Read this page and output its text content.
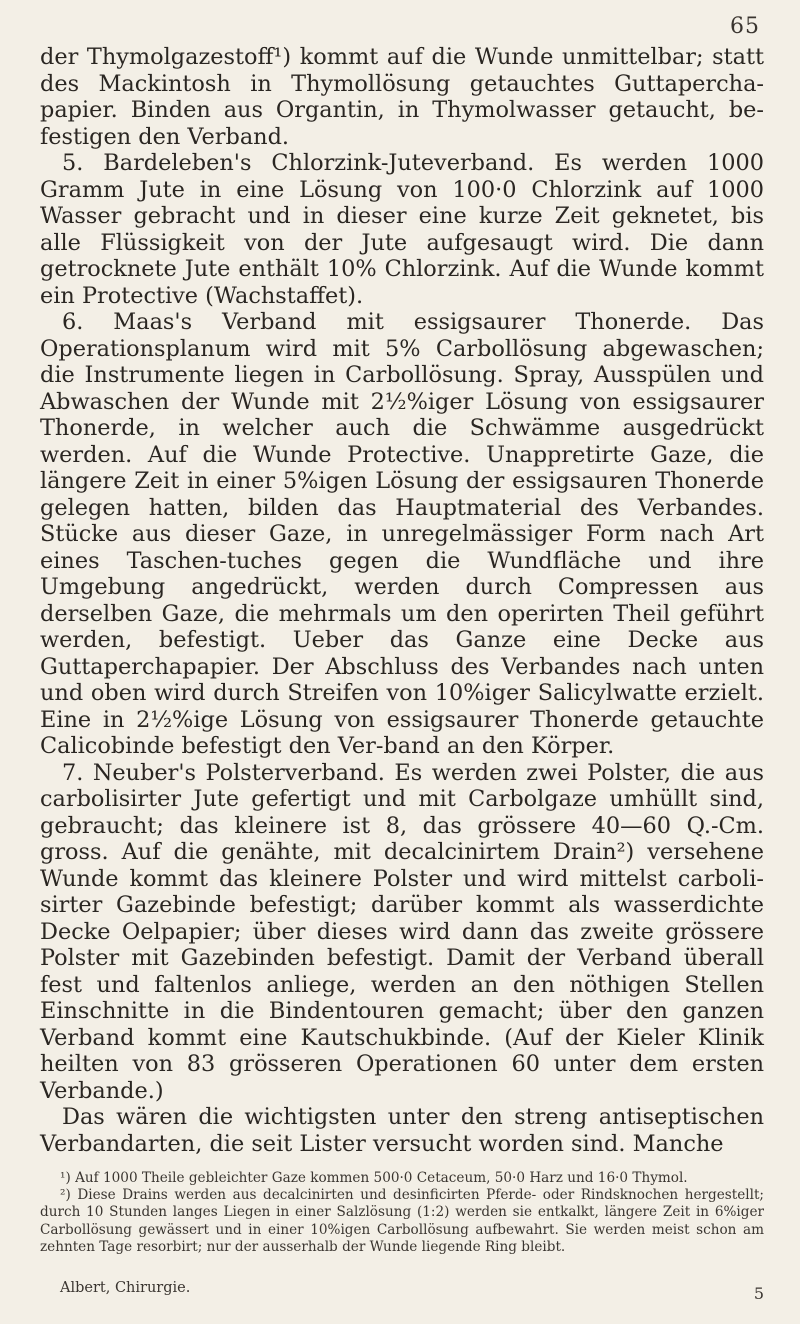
65

der Thymolgazestoff¹) kommt auf die Wunde unmittelbar; statt des Mackintosh in Thymollösung getauchtes Guttapercha-papier. Binden aus Organtin, in Thymolwasser getaucht, be-festigen den Verband.

5. Bardeleben's Chlorzink-Juteverband. Es werden 1000 Gramm Jute in eine Lösung von 100·0 Chlorzink auf 1000 Wasser gebracht und in dieser eine kurze Zeit geknetet, bis alle Flüssigkeit von der Jute aufgesaugt wird. Die dann getrocknete Jute enthält 10% Chlorzink. Auf die Wunde kommt ein Protective (Wachstaffet).

6. Maas's Verband mit essigsaurer Thonerde. Das Operationsplanum wird mit 5% Carbollösung abgewaschen; die Instrumente liegen in Carbollösung. Spray, Ausspülen und Abwaschen der Wunde mit 2½%iger Lösung von essigsaurer Thonerde, in welcher auch die Schwämme ausgedrückt werden. Auf die Wunde Protective. Unappretirte Gaze, die längere Zeit in einer 5%igen Lösung der essigsauren Thonerde gelegen hatten, bilden das Hauptmaterial des Verbandes. Stücke aus dieser Gaze, in unregelmässiger Form nach Art eines Taschen-tuches gegen die Wundfläche und ihre Umgebung angedrückt, werden durch Compressen aus derselben Gaze, die mehrmals um den operirten Theil geführt werden, befestigt. Ueber das Ganze eine Decke aus Guttaperchapapier. Der Abschluss des Verbandes nach unten und oben wird durch Streifen von 10%iger Salicylwatte erzielt. Eine in 2½%ige Lösung von essigsaurer Thonerde getauchte Calicobinde befestigt den Ver-band an den Körper.

7. Neuber's Polsterverband. Es werden zwei Polster, die aus carbolisirter Jute gefertigt und mit Carbolgaze umhüllt sind, gebraucht; das kleinere ist 8, das grössere 40—60 Q.-Cm. gross. Auf die genähte, mit decalcinirtem Drain²) versehene Wunde kommt das kleinere Polster und wird mittelst carboli-sirter Gazebinde befestigt; darüber kommt als wasserdichte Decke Oelpapier; über dieses wird dann das zweite grössere Polster mit Gazebinden befestigt. Damit der Verband überall fest und faltenlos anliege, werden an den nöthigen Stellen Einschnitte in die Bindentouren gemacht; über den ganzen Verband kommt eine Kautschukbinde. (Auf der Kieler Klinik heilten von 83 grösseren Operationen 60 unter dem ersten Verbande.)

Das wären die wichtigsten unter den streng antiseptischen Verbandarten, die seit Lister versucht worden sind. Manche

¹) Auf 1000 Theile gebleichter Gaze kommen 500·0 Cetaceum, 50·0 Harz und 16·0 Thymol.

²) Diese Drains werden aus decalcinirten und desinficirten Pferde- oder Rindsknochen hergestellt; durch 10 Stunden langes Liegen in einer Salzlösung (1:2) werden sie entkalkt, längere Zeit in 6%iger Carbollösung gewässert und in einer 10%igen Carbollösung aufbewahrt. Sie werden meist schon am zehnten Tage resorbirt; nur der ausserhalb der Wunde liegende Ring bleibt.

Albert, Chirurgie.	5
